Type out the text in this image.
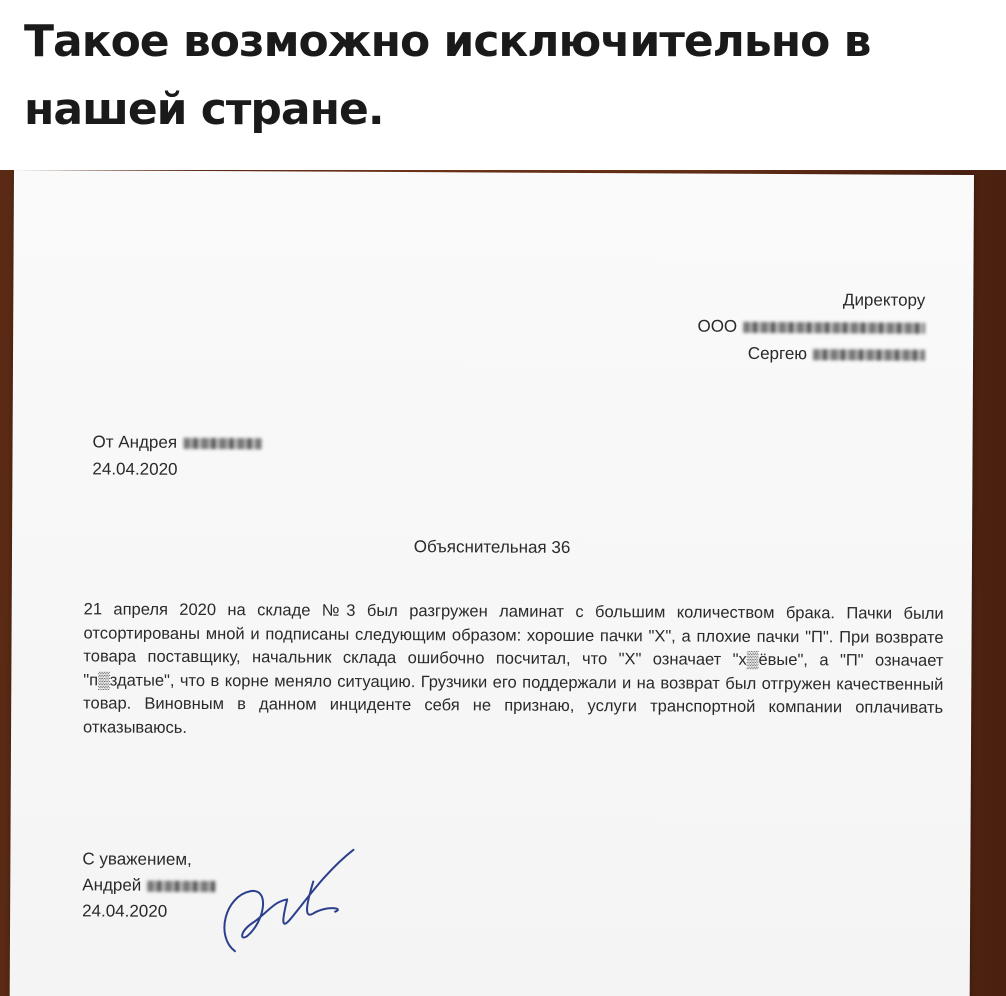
Такое возможно исключительно в нашей стране.
Директору
ООО
Сергею
От Андрея
24.04.2020
Объяснительная 36
21 апреля 2020 на складе №3 был разгружен ламинат с большим количеством брака. Пачки были отсортированы мной и подписаны следующим образом: хорошие пачки "Х", а плохие пачки "П". При возврате товара поставщику, начальник склада ошибочно посчитал, что "Х" означает "х▒ёвые", а "П" означает "п▒здатые", что в корне меняло ситуацию. Грузчики его поддержали и на возврат был отгружен качественный товар. Виновным в данном инциденте себя не признаю, услуги транспортной компании оплачивать отказываюсь.
С уважением,
Андрей
24.04.2020
